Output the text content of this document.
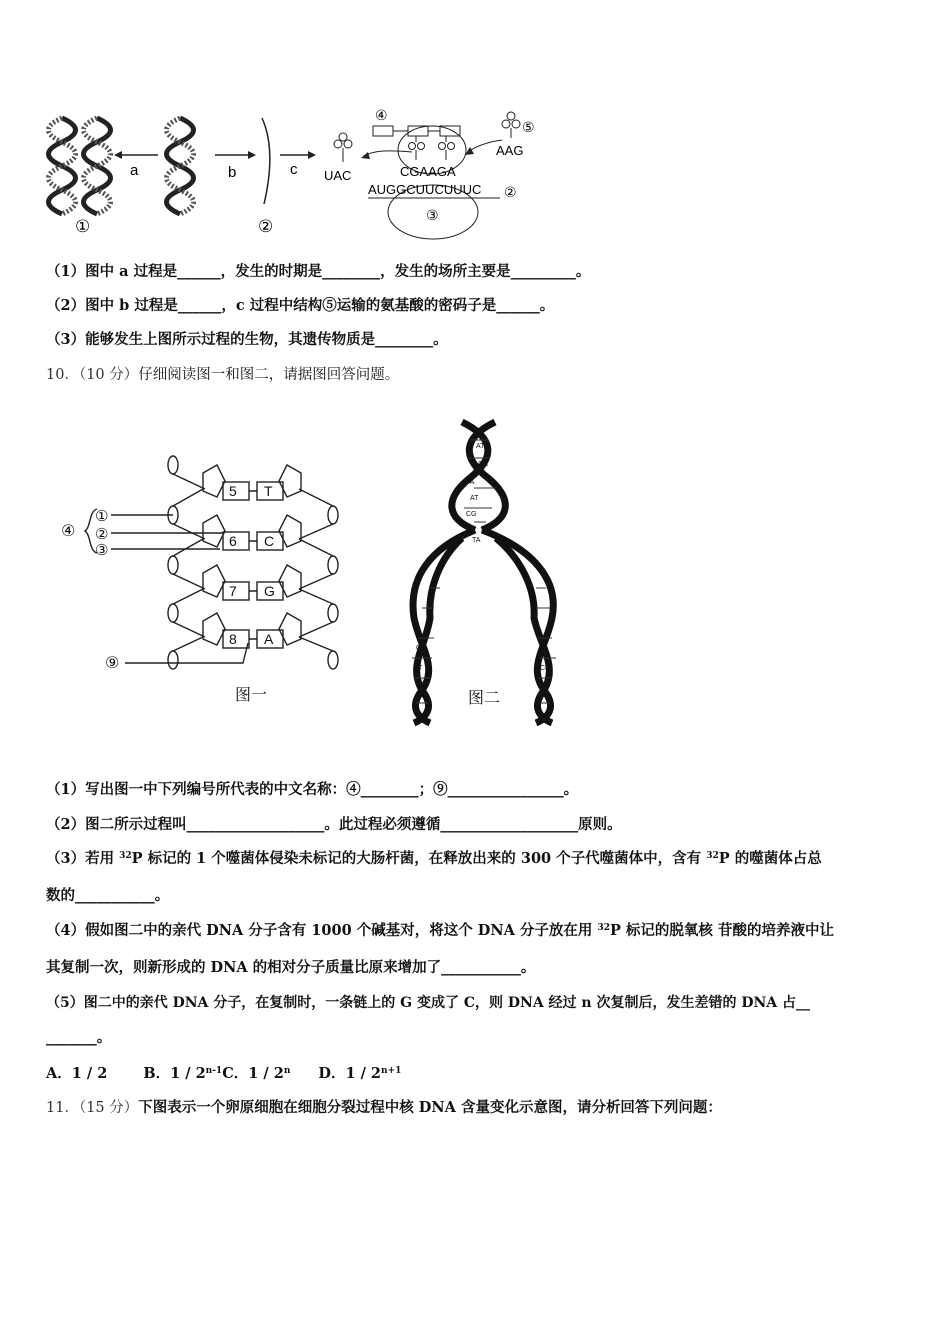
a	b	c
①	②
UAC
④
CGAAGA
AUGGCUUCUUUC ②
③
⑤
AAG
（1）图中 a 过程是______，发生的时期是________，发生的场所主要是_________。
（2）图中 b 过程是______，c 过程中结构⑤运输的氨基酸的密码子是______。
（3）能够发生上图所示过程的生物，其遗传物质是________。
10．（10 分）仔细阅读图一和图二，请据图回答问题。
5
6
7
8
T
C
G
A
④
①
②
③
⑨
图一
TA
AT
GC
TA
AT
CG
TA
GC
AT
TA
CG
图二
（1）写出图一中下列编号所代表的中文名称：④________；⑨________________。
（2）图二所示过程叫___________________。此过程必须遵循___________________原则。
（3）若用 $^{32}$P 标记的 1 个噬菌体侵染未标记的大肠杆菌，在释放出来的 300 个子代噬菌体中，含有 $^{32}$P 的噬菌体占总
数的___________。
（4）假如图二中的亲代 DNA 分子含有 1000 个碱基对，将这个 DNA 分子放在用 $^{32}$P 标记的脱氧核 苷酸的培养液中让
其复制一次，则新形成的 DNA 的相对分子质量比原来增加了___________。
（5）图二中的亲代 DNA 分子，在复制时，一条链上的 G 变成了 C，则 DNA 经过 n 次复制后，发生差错的 DNA 占__
_______。
A．1 / 2 B．1 / 2$^{n-1}$C．1 / 2$^n$ D．$1 / 2^{n+1}$
11．（15 分）下图表示一个卵原细胞在细胞分裂过程中核 DNA 含量变化示意图，请分析回答下列问题：
